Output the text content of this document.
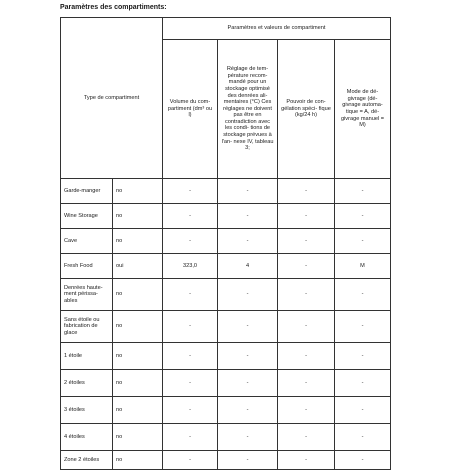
Paramètres des compartiments:
Type de compartiment		Paramètres et valeurs de compartiment			
		Volume du com- partiment (dm³ ou l)	Réglage de tem- pérature recom- mandé pour un stockage optimisé des denrées ali- mentaires (°C) Ces réglages ne doivent pas être en contradiction avec les condi- tions de stockage prévues à l'an- nexe IV, tableau 3;	Pouvoir de con- gélation spéci- fique (kg/24 h)	Mode de dé- givrage (dé- givrage automa- tique = A, dé- givrage manuel = M)
Garde-manger	no	-	-	-	-
Wine Storage	no	-	-	-	-
Cave	no	-	-	-	-
Fresh Food	oui	323,0	4	-	M
Denrées haute- ment périssa- ables	no	-	-	-	-
Sans étoile ou fabrication de glace	no	-	-	-	-
1 étoile	no	-	-	-	-
2 étoiles	no	-	-	-	-
3 étoiles	no	-	-	-	-
4 étoiles	no	-	-	-	-
Zone 2 étoiles	no	-	-	-	-
